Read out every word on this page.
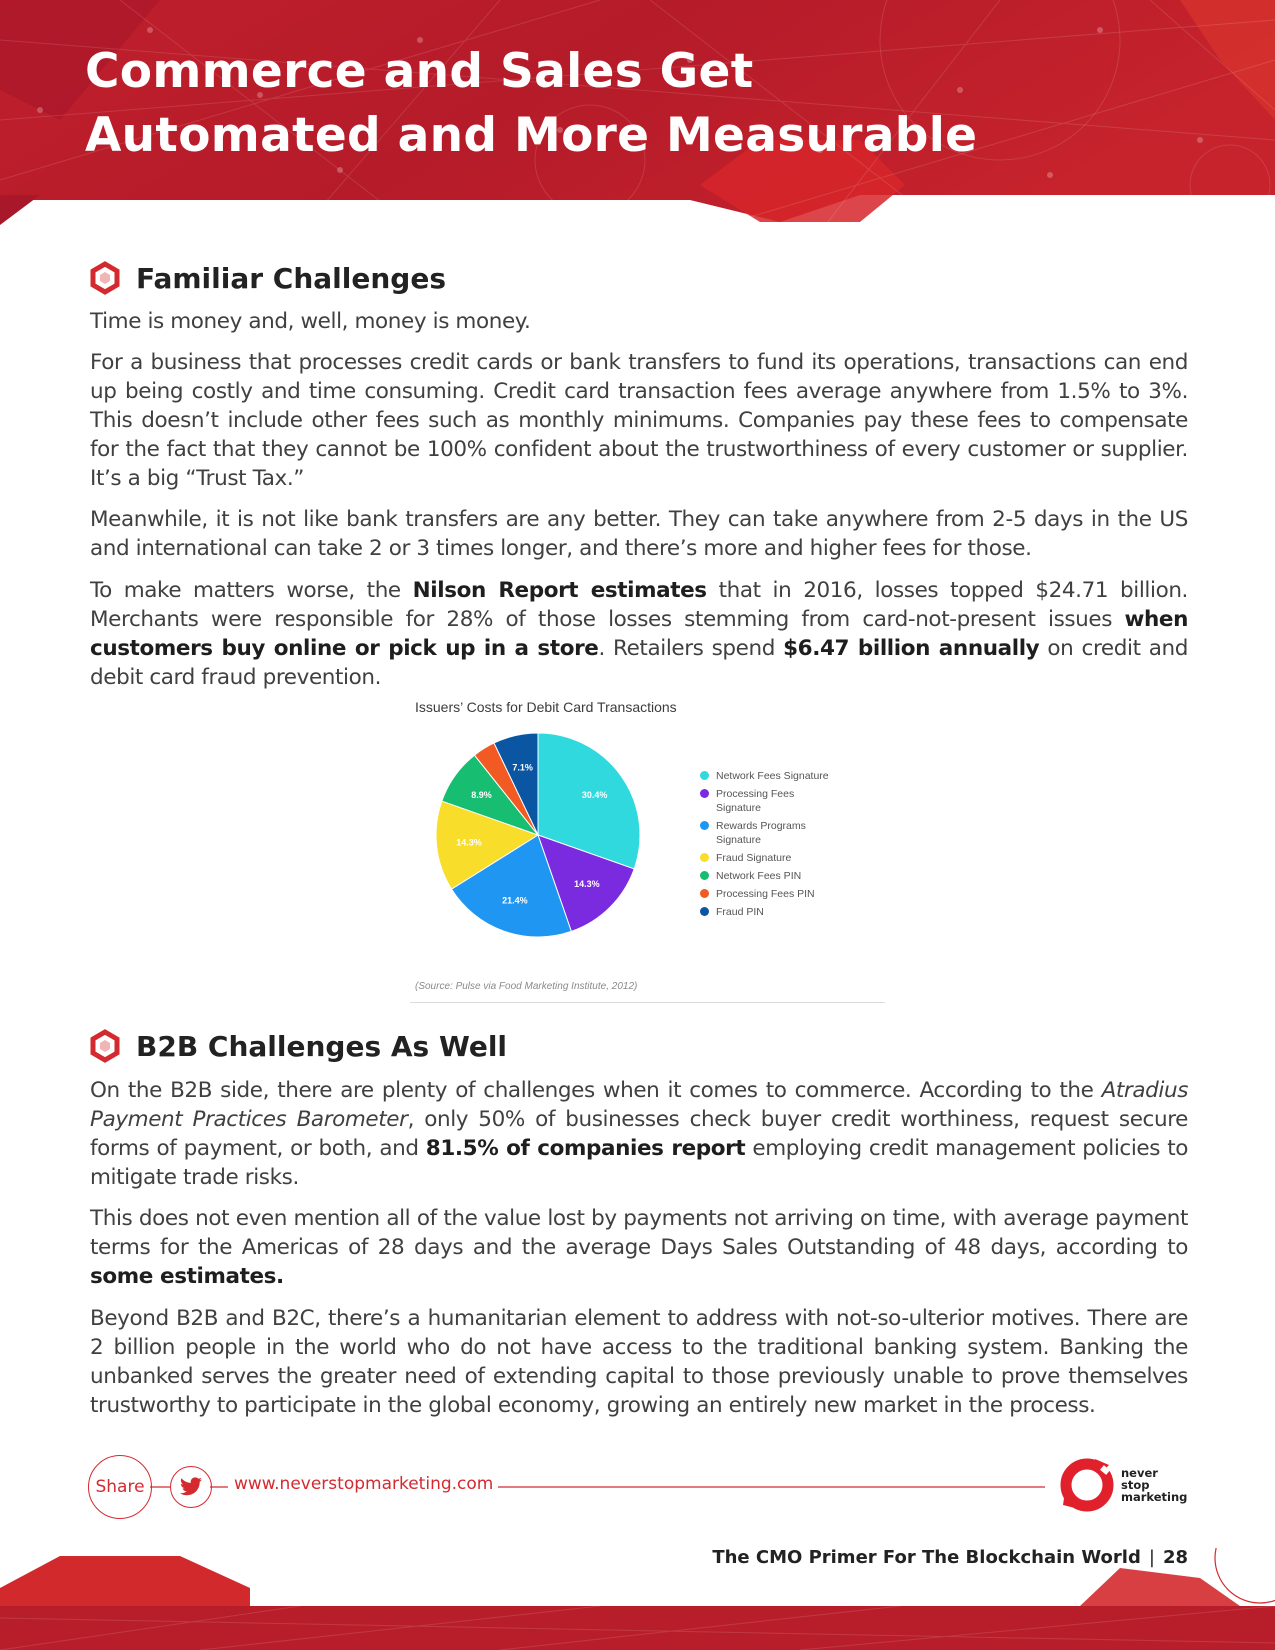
Commerce and Sales Get
Automated and More Measurable
Familiar Challenges

Time is money and, well, money is money.

For a business that processes credit cards or bank transfers to fund its operations, transactions can end up being costly and time consuming. Credit card transaction fees average anywhere from 1.5% to 3%. This doesn’t include other fees such as monthly minimums. Companies pay these fees to compensate for the fact that they cannot be 100% confident about the trustworthiness of every customer or supplier. It’s a big “Trust Tax.”

Meanwhile, it is not like bank transfers are any better. They can take anywhere from 2-5 days in the US and international can take 2 or 3 times longer, and there’s more and higher fees for those.

To make matters worse, the Nilson Report estimates that in 2016, losses topped $24.71 billion. Merchants were responsible for 28% of those losses stemming from card-not-present issues when customers buy online or pick up in a store. Retailers spend $6.47 billion annually on credit and debit card fraud prevention.

Issuers’ Costs for Debit Card Transactions
30.4%
14.3%
21.4%
14.3%
8.9%
7.1%
Network Fees Signature
Processing Fees Signature
Rewards Programs Signature
Fraud Signature
Network Fees PIN
Processing Fees PIN
Fraud PIN
(Source: Pulse via Food Marketing Institute, 2012)
B2B Challenges As Well

On the B2B side, there are plenty of challenges when it comes to commerce. According to the Atradius Payment Practices Barometer, only 50% of businesses check buyer credit worthiness, request secure forms of payment, or both, and 81.5% of companies report employing credit management policies to mitigate trade risks.

This does not even mention all of the value lost by payments not arriving on time, with average payment terms for the Americas of 28 days and the average Days Sales Outstanding of 48 days, according to some estimates.

Beyond B2B and B2C, there’s a humanitarian element to address with not-so-ulterior motives. There are 2 billion people in the world who do not have access to the traditional banking system. Banking the unbanked serves the greater need of extending capital to those previously unable to prove themselves trustworthy to participate in the global economy, growing an entirely new market in the process.

Share	www.neverstopmarketing.com
never
stop
marketing
The CMO Primer For The Blockchain World | 28
